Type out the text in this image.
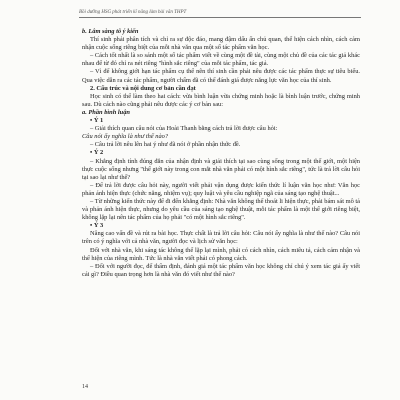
Bồi dưỡng HSG phát triển kĩ năng làm bài văn THPT

b. Lâm sàng tô ý kiến

Thí sinh phải phân tích và chỉ ra sự độc đáo, mang đậm dấu ấn chủ quan, thể hiện cách nhìn, cách cảm nhận cuộc sống riêng biệt của mỗi nhà văn qua một số tác phẩm văn học.

– Cách tốt nhất là so sánh một số tác phẩm viết về cùng một đề tài, cùng một chủ đề của các tác giả khác nhau để từ đó chỉ ra nét riêng "hình sắc riêng" của mỗi tác phẩm, tác giả.

– Vì để không giới hạn tác phẩm cụ thể nên thí sinh cần phải nêu được các tác phẩm thực sự tiêu biểu. Qua việc dẫn ra các tác phẩm, người chấm đã có thể đánh giá được năng lực văn học của thí sinh.

2. Cấu trúc và nội dung cơ bản cần đạt

Học sinh có thể làm theo hai cách: vừa bình luận vừa chứng minh hoặc là bình luận trước, chứng minh sau. Dù cách nào cũng phải nêu được các ý cơ bản sau:

a. Phần bình luận

• Ý 1

– Giải thích quan câu nói của Hoài Thanh bằng cách trả lời được câu hỏi:

Câu nói ấy nghĩa là như thế nào?

– Câu trả lời nêu lên hai ý như đã nói ở phần nhận thức đề.

• Ý 2

– Khẳng định tính đúng đắn của nhận định và giải thích tại sao cùng sống trong một thế giới, một hiện thực cuộc sống nhưng "thế giới này trong con mắt nhà văn phải có một hình sắc riêng", tức là trả lời câu hỏi tại sao lại như thế?

– Để trả lời được câu hỏi này, người viết phải vận dụng được kiến thức lí luận văn học như: Văn học phản ánh hiện thực (chức năng, nhiệm vụ); quy luật và yêu cầu nghiệp ngã của sáng tạo nghệ thuật...

– Từ những kiến thức này để đi đến khẳng định: Nhà văn không thể thoát li hiện thực, phải bám sát mô tả và phản ánh hiện thực, nhưng do yêu cầu của sáng tạo nghệ thuật, mỗi tác phẩm là một thế giới riêng biệt, không lặp lại nên tác phẩm của họ phải "có một hình sắc riêng".

• Ý 3

Nâng cao vấn đề và rút ra bài học. Thực chất là trả lời câu hỏi: Câu nói ấy nghĩa là như thế nào? Câu nói trên có ý nghĩa với cả nhà văn, người đọc và lịch sử văn học:

Đối với nhà văn, khi sáng tác không thể lặp lại mình, phải có cách nhìn, cách miêu tả, cách cảm nhận và thể hiện của riêng mình. Tức là nhà văn viết phải có phong cách.

– Đối với người đọc, để thẩm định, đánh giá một tác phẩm văn học không chỉ chú ý xem tác giả ấy viết cái gì? Điều quan trọng hơn là nhà văn đó viết như thế nào?

14
